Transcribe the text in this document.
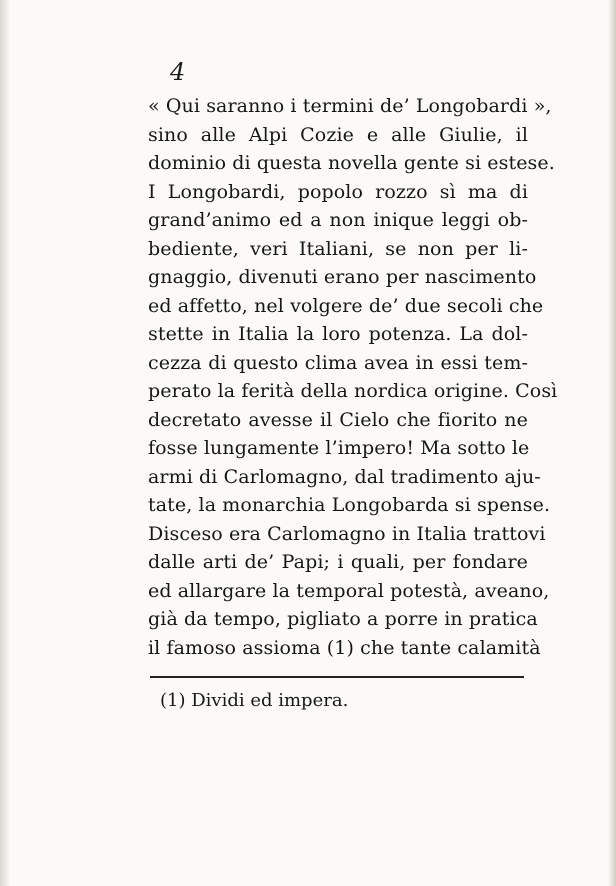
4
« Qui saranno i termini de’ Longobardi »,
sino alle Alpi Cozie e alle Giulie, il
dominio di questa novella gente si estese.
I Longobardi, popolo rozzo sì ma di
grand’animo ed a non inique leggi ob-
bediente, veri Italiani, se non per li-
gnaggio, divenuti erano per nascimento
ed affetto, nel volgere de’ due secoli che
stette in Italia la loro potenza. La dol-
cezza di questo clima avea in essi tem-
perato la ferità della nordica origine. Così
decretato avesse il Cielo che fiorito ne
fosse lungamente l’impero! Ma sotto le
armi di Carlomagno, dal tradimento aju-
tate, la monarchia Longobarda si spense.
Disceso era Carlomagno in Italia trattovi
dalle arti de’ Papi; i quali, per fondare
ed allargare la temporal potestà, aveano,
già da tempo, pigliato a porre in pratica
il famoso assioma (1) che tante calamità
(1) Dividi ed impera.
